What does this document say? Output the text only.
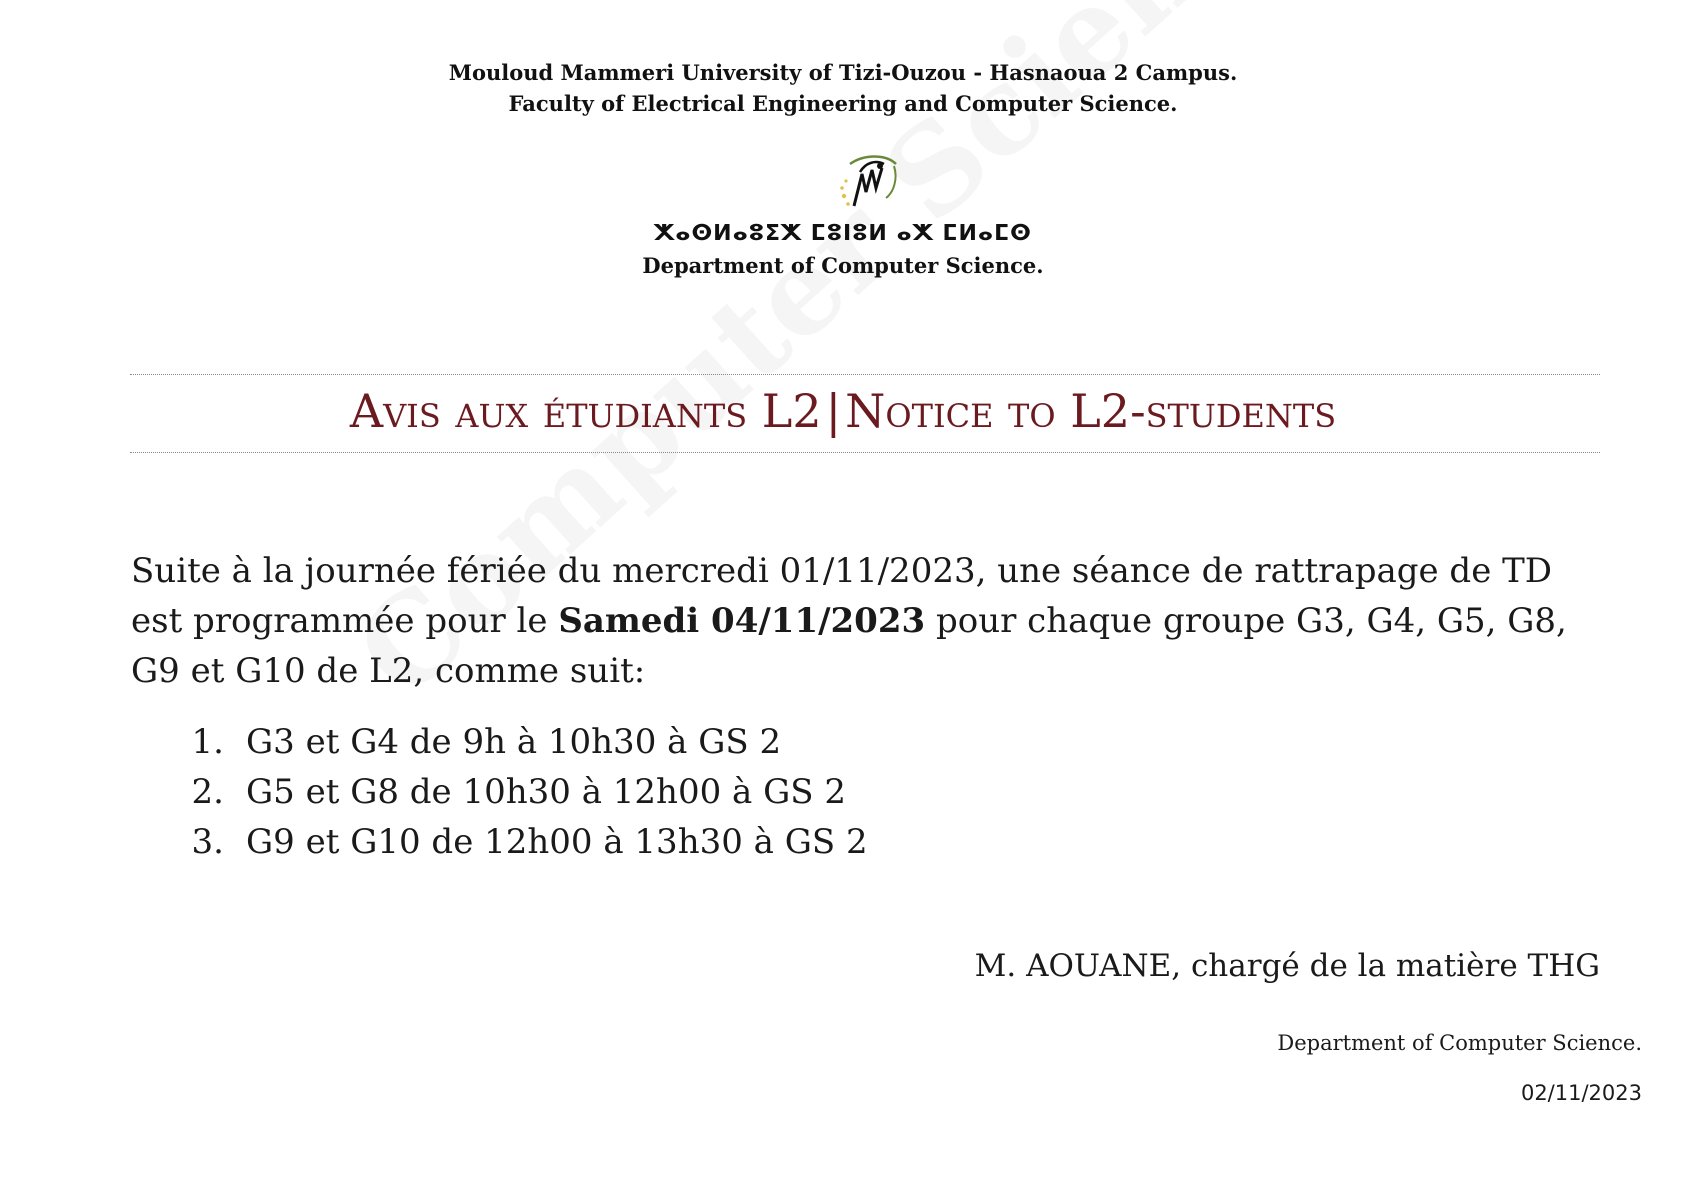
Mouloud Mammeri University of Tizi-Ouzou - Hasnaoua 2 Campus.
Faculty of Electrical Engineering and Computer Science.
ⵅⴰⵙⵍⴰⵓⵉⵅ ⵎⵓⵏⵓⵍ ⴰⵅ ⵎⵍⴰⵎⵙ
Department of Computer Science.
Avis aux étudiants L2|Notice to L2-students
Suite à la journée fériée du mercredi 01/11/2023, une séance de rattrapage de TD est programmée pour le Samedi 04/11/2023 pour chaque groupe G3, G4, G5, G8, G9 et G10 de L2, comme suit:
1. G3 et G4 de 9h à 10h30 à GS 2
2. G5 et G8 de 10h30 à 12h00 à GS 2
3. G9 et G10 de 12h00 à 13h30 à GS 2
M. AOUANE, chargé de la matière THG
Department of Computer Science.
02/11/2023
